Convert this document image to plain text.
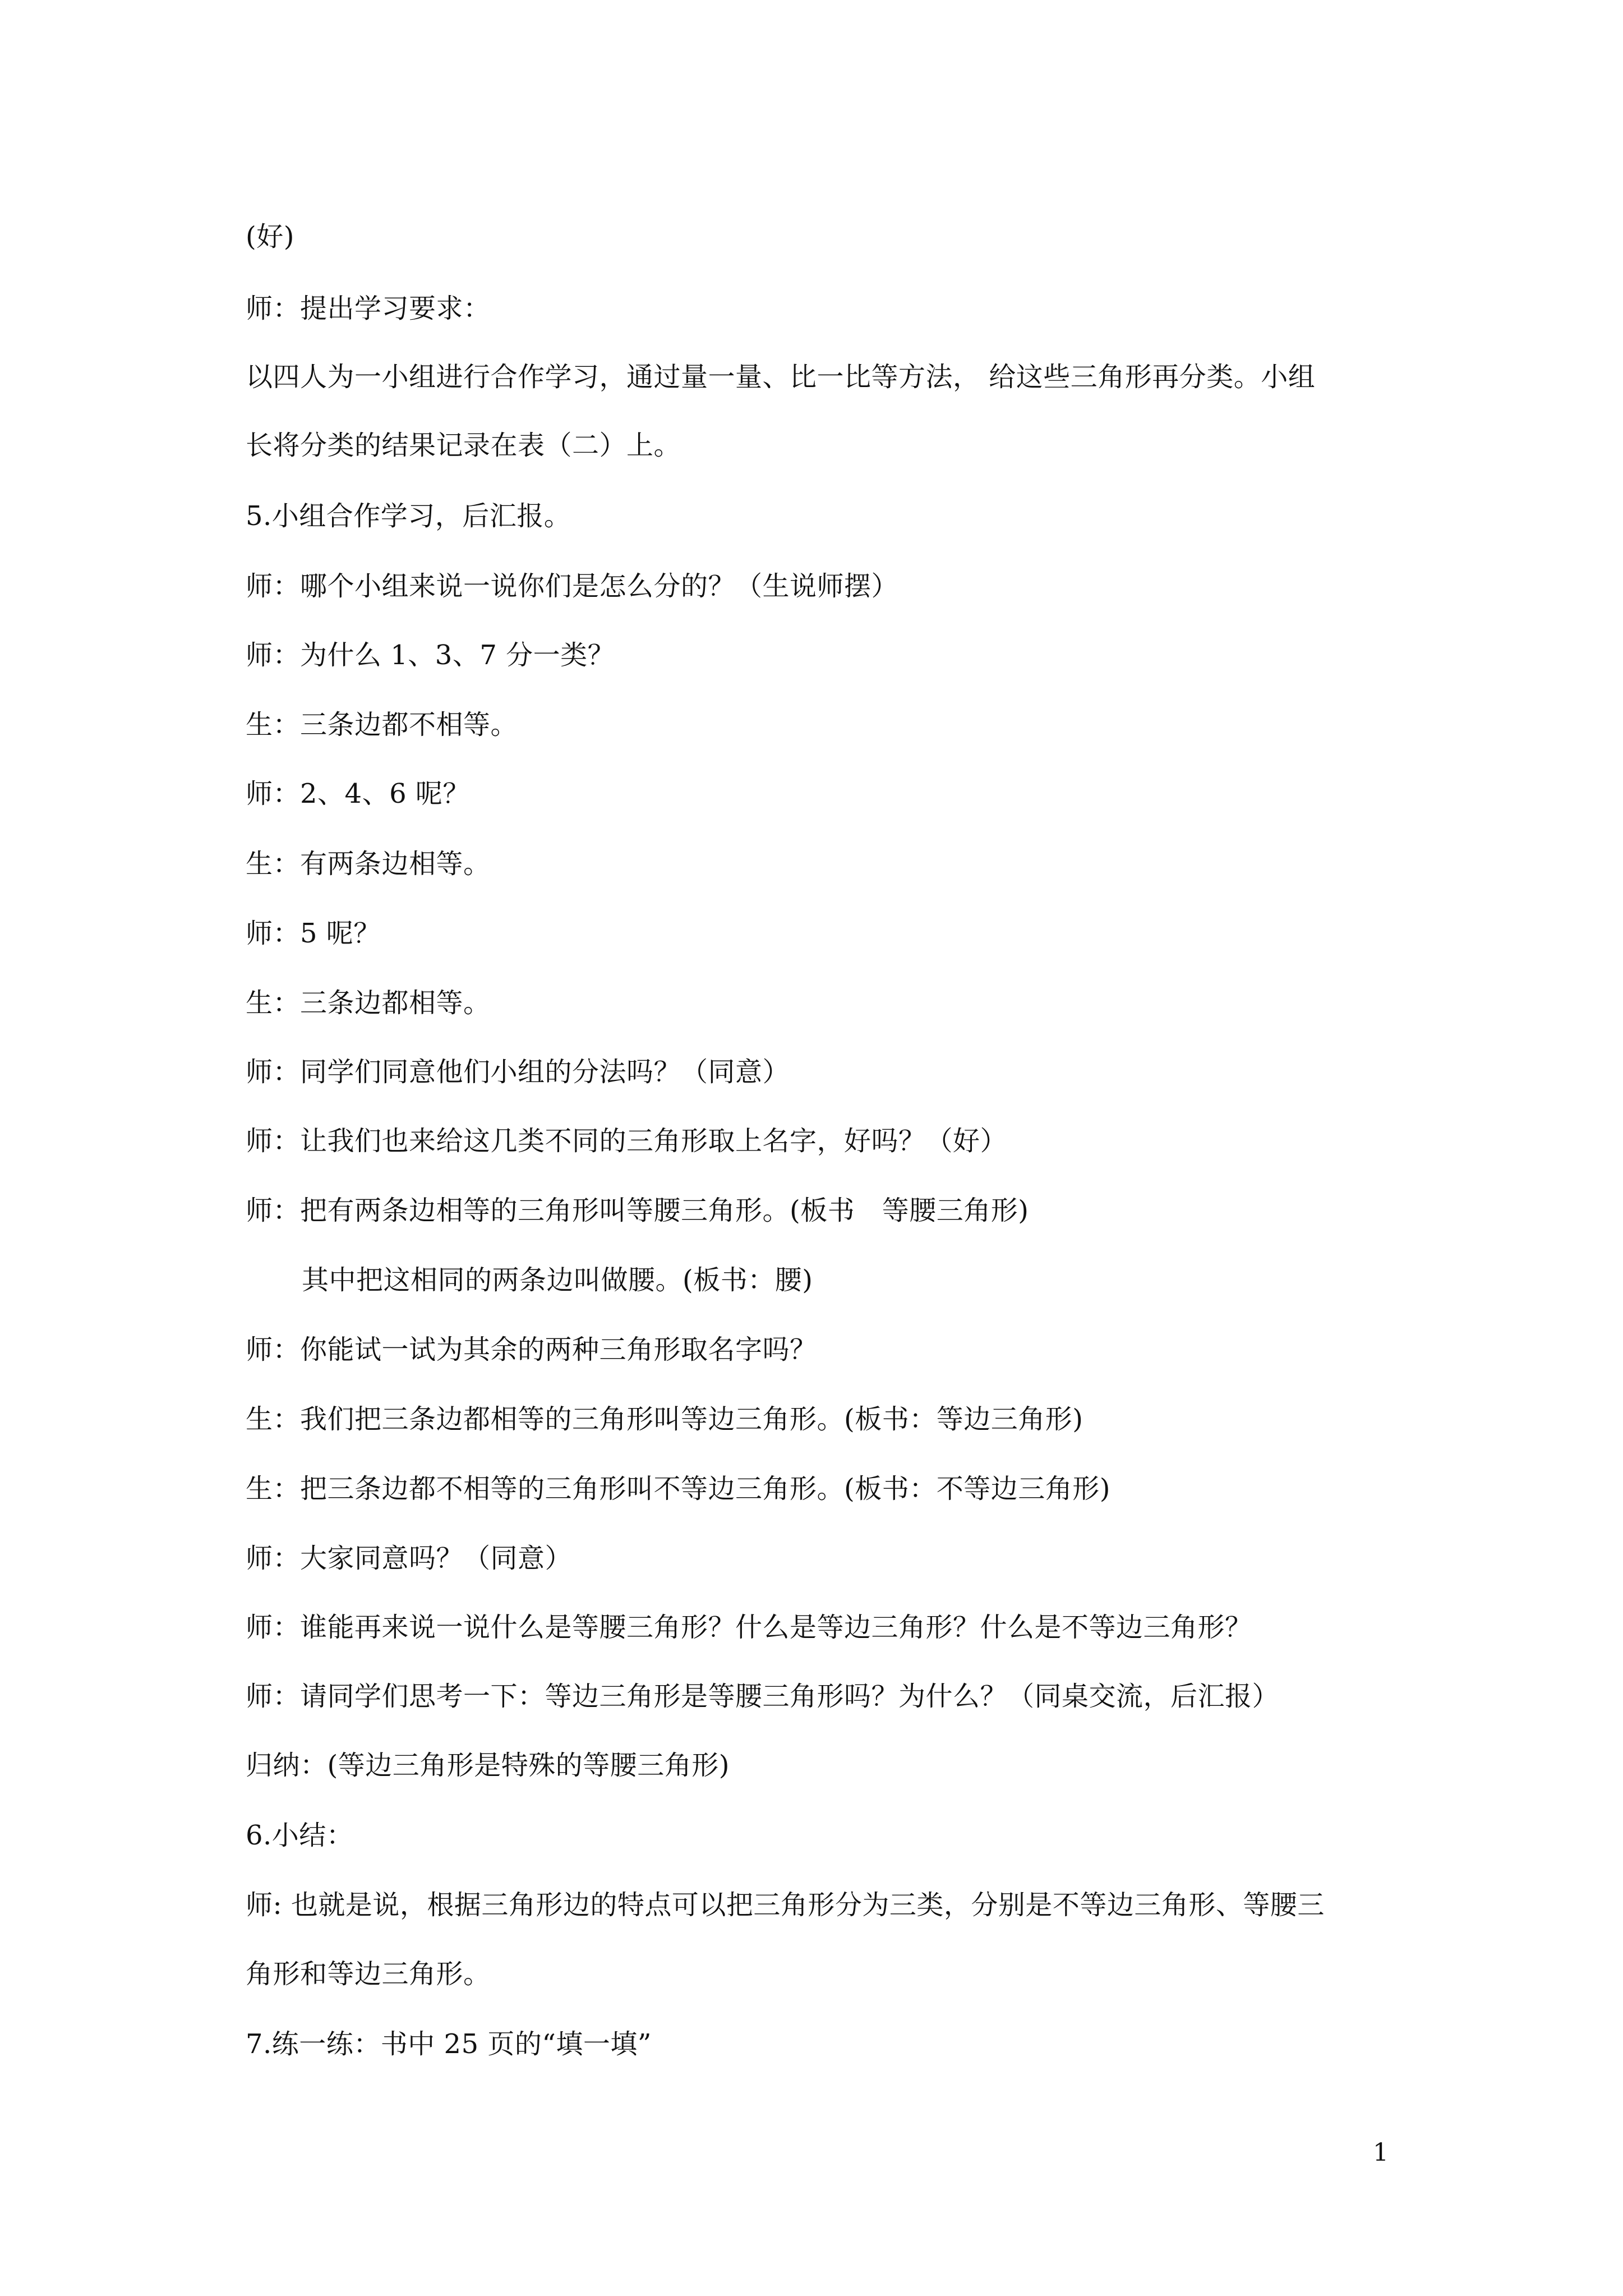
(好)
师：提出学习要求：
以四人为一小组进行合作学习，通过量一量、比一比等方法， 给这些三角形再分类。小组
长将分类的结果记录在表（二）上。
5.小组合作学习，后汇报。
师：哪个小组来说一说你们是怎么分的？（生说师摆）
师：为什么 1、3、7 分一类？
生：三条边都不相等。
师：2、4、6 呢？
生：有两条边相等。
师：5 呢？
生：三条边都相等。
师：同学们同意他们小组的分法吗？（同意）
师：让我们也来给这几类不同的三角形取上名字，好吗？（好）
师：把有两条边相等的三角形叫等腰三角形。(板书　等腰三角形)
其中把这相同的两条边叫做腰。(板书：腰)
师：你能试一试为其余的两种三角形取名字吗？
生：我们把三条边都相等的三角形叫等边三角形。(板书：等边三角形)
生：把三条边都不相等的三角形叫不等边三角形。(板书：不等边三角形)
师：大家同意吗？（同意）
师：谁能再来说一说什么是等腰三角形？什么是等边三角形？什么是不等边三角形？
师：请同学们思考一下：等边三角形是等腰三角形吗？为什么？（同桌交流，后汇报）
归纳：(等边三角形是特殊的等腰三角形)
6.小结：
师: 也就是说，根据三角形边的特点可以把三角形分为三类，分别是不等边三角形、等腰三
角形和等边三角形。
7.练一练：书中 25 页的“填一填”
1
